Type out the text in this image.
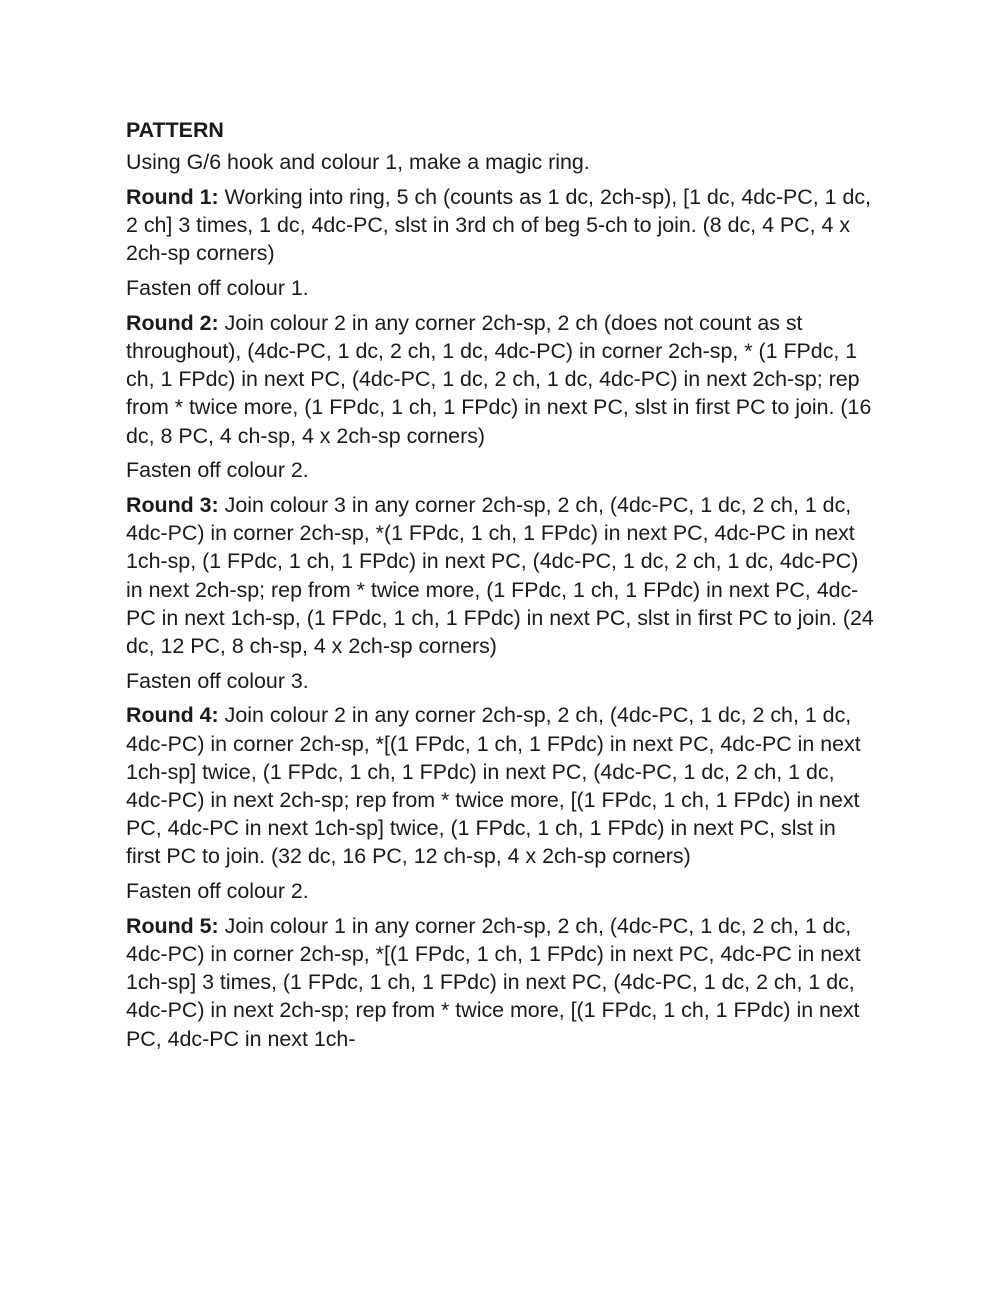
PATTERN
Using G/6 hook and colour 1, make a magic ring.
Round 1: Working into ring, 5 ch (counts as 1 dc, 2ch-sp), [1 dc, 4dc-PC, 1 dc, 2 ch] 3 times, 1 dc, 4dc-PC, slst in 3rd ch of beg 5-ch to join. (8 dc, 4 PC, 4 x 2ch-sp corners)
Fasten off colour 1.
Round 2: Join colour 2 in any corner 2ch-sp, 2 ch (does not count as st throughout), (4dc-PC, 1 dc, 2 ch, 1 dc, 4dc-PC) in corner 2ch-sp, * (1 FPdc, 1 ch, 1 FPdc) in next PC, (4dc-PC, 1 dc, 2 ch, 1 dc, 4dc-PC) in next 2ch-sp; rep from * twice more, (1 FPdc, 1 ch, 1 FPdc) in next PC, slst in first PC to join. (16 dc, 8 PC, 4 ch-sp, 4 x 2ch-sp corners)
Fasten off colour 2.
Round 3: Join colour 3 in any corner 2ch-sp, 2 ch, (4dc-PC, 1 dc, 2 ch, 1 dc, 4dc-PC) in corner 2ch-sp, *(1 FPdc, 1 ch, 1 FPdc) in next PC, 4dc-PC in next 1ch-sp, (1 FPdc, 1 ch, 1 FPdc) in next PC, (4dc-PC, 1 dc, 2 ch, 1 dc, 4dc-PC) in next 2ch-sp; rep from * twice more, (1 FPdc, 1 ch, 1 FPdc) in next PC, 4dc-PC in next 1ch-sp, (1 FPdc, 1 ch, 1 FPdc) in next PC, slst in first PC to join. (24 dc, 12 PC, 8 ch-sp, 4 x 2ch-sp corners)
Fasten off colour 3.
Round 4: Join colour 2 in any corner 2ch-sp, 2 ch, (4dc-PC, 1 dc, 2 ch, 1 dc, 4dc-PC) in corner 2ch-sp, *[(1 FPdc, 1 ch, 1 FPdc) in next PC, 4dc-PC in next 1ch-sp] twice, (1 FPdc, 1 ch, 1 FPdc) in next PC, (4dc-PC, 1 dc, 2 ch, 1 dc, 4dc-PC) in next 2ch-sp; rep from * twice more, [(1 FPdc, 1 ch, 1 FPdc) in next PC, 4dc-PC in next 1ch-sp] twice, (1 FPdc, 1 ch, 1 FPdc) in next PC, slst in first PC to join. (32 dc, 16 PC, 12 ch-sp, 4 x 2ch-sp corners)
Fasten off colour 2.
Round 5: Join colour 1 in any corner 2ch-sp, 2 ch, (4dc-PC, 1 dc, 2 ch, 1 dc, 4dc-PC) in corner 2ch-sp, *[(1 FPdc, 1 ch, 1 FPdc) in next PC, 4dc-PC in next 1ch-sp] 3 times, (1 FPdc, 1 ch, 1 FPdc) in next PC, (4dc-PC, 1 dc, 2 ch, 1 dc, 4dc-PC) in next 2ch-sp; rep from * twice more, [(1 FPdc, 1 ch, 1 FPdc) in next PC, 4dc-PC in next 1ch-
